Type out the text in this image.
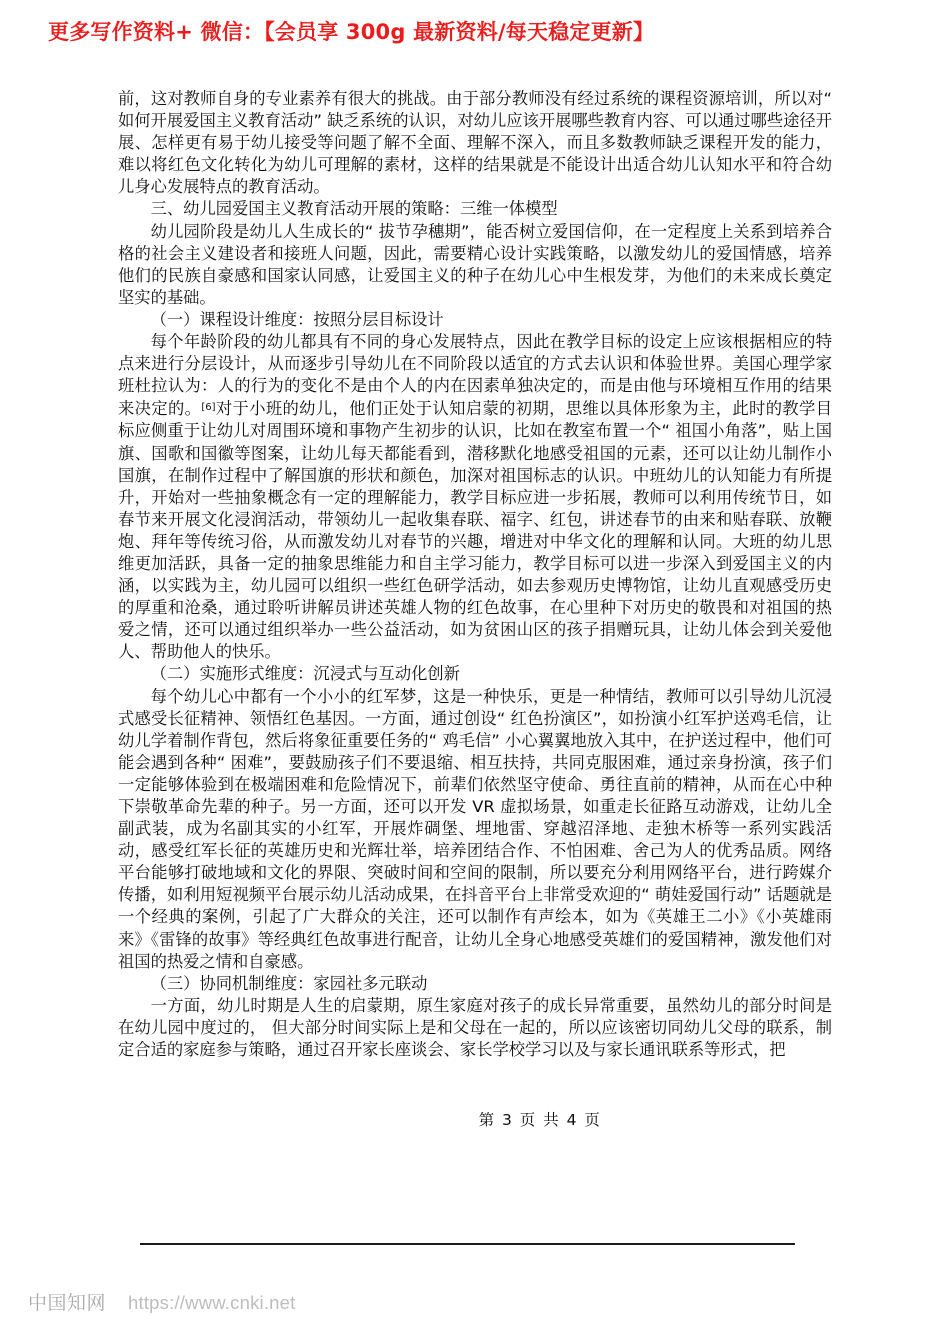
更多写作资料+ 微信：【会员享 300g 最新资料/每天稳定更新】

前，这对教师自身的专业素养有很大的挑战。由于部分教师没有经过系统的课程资源培训，所以对“ 如何开展爱国主义教育活动” 缺乏系统的认识，对幼儿应该开展哪些教育内容、可以通过哪些途径开展、怎样更有易于幼儿接受等问题了解不全面、理解不深入，而且多数教师缺乏课程开发的能力，难以将红色文化转化为幼儿可理解的素材，这样的结果就是不能设计出适合幼儿认知水平和符合幼儿身心发展特点的教育活动。

三、幼儿园爱国主义教育活动开展的策略：三维一体模型

幼儿园阶段是幼儿人生成长的“ 拔节孕穗期”，能否树立爱国信仰，在一定程度上关系到培养合格的社会主义建设者和接班人问题，因此，需要精心设计实践策略，以激发幼儿的爱国情感，培养他们的民族自豪感和国家认同感，让爱国主义的种子在幼儿心中生根发芽，为他们的未来成长奠定坚实的基础。

（一）课程设计维度：按照分层目标设计

每个年龄阶段的幼儿都具有不同的身心发展特点，因此在教学目标的设定上应该根据相应的特点来进行分层设计，从而逐步引导幼儿在不同阶段以适宜的方式去认识和体验世界。美国心理学家班杜拉认为：人的行为的变化不是由个人的内在因素单独决定的，而是由他与环境相互作用的结果来决定的。[6]对于小班的幼儿，他们正处于认知启蒙的初期，思维以具体形象为主，此时的教学目标应侧重于让幼儿对周围环境和事物产生初步的认识，比如在教室布置一个“ 祖国小角落”，贴上国旗、国歌和国徽等图案，让幼儿每天都能看到，潜移默化地感受祖国的元素，还可以让幼儿制作小国旗，在制作过程中了解国旗的形状和颜色，加深对祖国标志的认识。中班幼儿的认知能力有所提升，开始对一些抽象概念有一定的理解能力，教学目标应进一步拓展，教师可以利用传统节日，如春节来开展文化浸润活动，带领幼儿一起收集春联、福字、红包，讲述春节的由来和贴春联、放鞭炮、拜年等传统习俗，从而激发幼儿对春节的兴趣，增进对中华文化的理解和认同。大班的幼儿思维更加活跃，具备一定的抽象思维能力和自主学习能力，教学目标可以进一步深入到爱国主义的内涵，以实践为主，幼儿园可以组织一些红色研学活动，如去参观历史博物馆，让幼儿直观感受历史的厚重和沧桑，通过聆听讲解员讲述英雄人物的红色故事，在心里种下对历史的敬畏和对祖国的热爱之情，还可以通过组织举办一些公益活动，如为贫困山区的孩子捐赠玩具，让幼儿体会到关爱他人、帮助他人的快乐。

（二）实施形式维度：沉浸式与互动化创新

每个幼儿心中都有一个小小的红军梦，这是一种快乐，更是一种情结，教师可以引导幼儿沉浸式感受长征精神、领悟红色基因。一方面，通过创设“ 红色扮演区”，如扮演小红军护送鸡毛信，让幼儿学着制作背包，然后将象征重要任务的“ 鸡毛信” 小心翼翼地放入其中，在护送过程中，他们可能会遇到各种“ 困难”，要鼓励孩子们不要退缩、相互扶持，共同克服困难，通过亲身扮演，孩子们一定能够体验到在极端困难和危险情况下，前辈们依然坚守使命、勇往直前的精神，从而在心中种下崇敬革命先辈的种子。另一方面，还可以开发 VR 虚拟场景，如重走长征路互动游戏，让幼儿全副武装，成为名副其实的小红军，开展炸碉堡、埋地雷、穿越沼泽地、走独木桥等一系列实践活动，感受红军长征的英雄历史和光辉壮举，培养团结合作、不怕困难、舍己为人的优秀品质。网络平台能够打破地域和文化的界限、突破时间和空间的限制，所以要充分利用网络平台，进行跨媒介传播，如利用短视频平台展示幼儿活动成果，在抖音平台上非常受欢迎的“ 萌娃爱国行动” 话题就是一个经典的案例，引起了广大群众的关注，还可以制作有声绘本，如为《英雄王二小》《小英雄雨来》《雷锋的故事》等经典红色故事进行配音，让幼儿全身心地感受英雄们的爱国精神，激发他们对祖国的热爱之情和自豪感。

（三）协同机制维度：家园社多元联动

一方面，幼儿时期是人生的启蒙期，原生家庭对孩子的成长异常重要，虽然幼儿的部分时间是在幼儿园中度过的， 但大部分时间实际上是和父母在一起的，所以应该密切同幼儿父母的联系，制定合适的家庭参与策略，通过召开家长座谈会、家长学校学习以及与家长通讯联系等形式，把

第 3 页 共 4 页
中国知网 https://www.cnki.net
